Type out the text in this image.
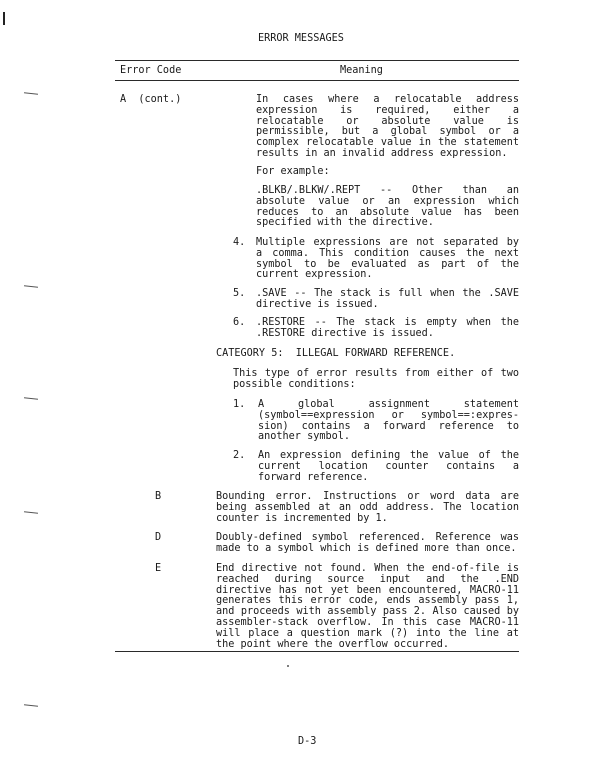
ERROR MESSAGES
Error Code	Meaning
A  (cont.)	In cases where a relocatable address expression is required, either a relocatable or absolute value is permissible, but a global symbol or a complex relocatable value in the statement results in an invalid address expression.
For example:
.BLKB/.BLKW/.REPT -- Other than an absolute value or an expression which reduces to an absolute value has been specified with the directive.
4. Multiple expressions are not separated by a comma. This condition causes the next symbol to be evaluated as part of the current expression.
5. .SAVE -- The stack is full when the .SAVE directive is issued.
6. .RESTORE -- The stack is empty when the .RESTORE directive is issued.
CATEGORY 5:  ILLEGAL FORWARD REFERENCE.
This type of error results from either of two possible conditions:
1. A global assignment statement (symbol==expression or symbol==:expres-sion) contains a forward reference to another symbol.
2. An expression defining the value of the current location counter contains a forward reference.
B	Bounding error. Instructions or word data are being assembled at an odd address. The location counter is incremented by 1.
D	Doubly-defined symbol referenced. Reference was made to a symbol which is defined more than once.
E	End directive not found. When the end-of-file is reached during source input and the .END directive has not yet been encountered, MACRO-11 generates this error code, ends assembly pass 1, and proceeds with assembly pass 2. Also caused by assembler-stack overflow. In this case MACRO-11 will place a question mark (?) into the line at the point where the overflow occurred.
D-3
